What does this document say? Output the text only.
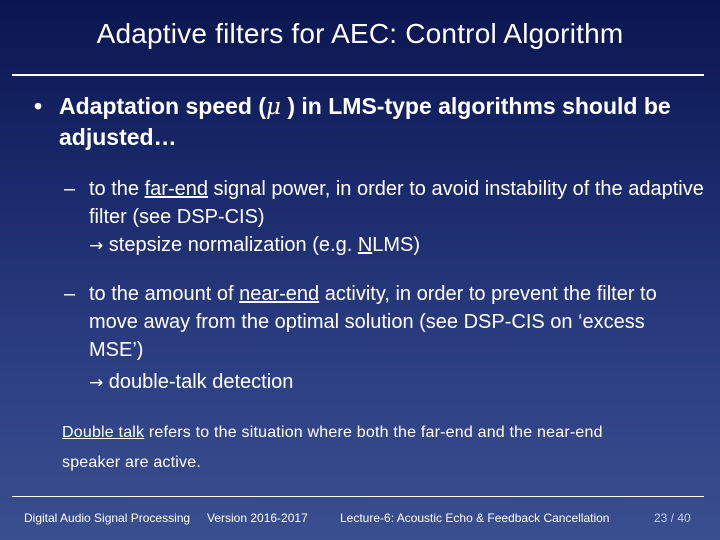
Adaptive filters for AEC: Control Algorithm
• Adaptation speed (μ ) in LMS-type algorithms should be adjusted…
– to the far-end signal power, in order to avoid instability of the adaptive filter (see DSP-CIS)
→ stepsize normalization (e.g. NLMS)
– to the amount of near-end activity, in order to prevent the filter to move away from the optimal solution (see DSP-CIS on ‘excess MSE’)
→ double-talk detection
Double talk refers to the situation where both the far-end and the near-end speaker are active.
Digital Audio Signal Processing Version 2016-2017	Lecture-6: Acoustic Echo & Feedback Cancellation	23 / 40
